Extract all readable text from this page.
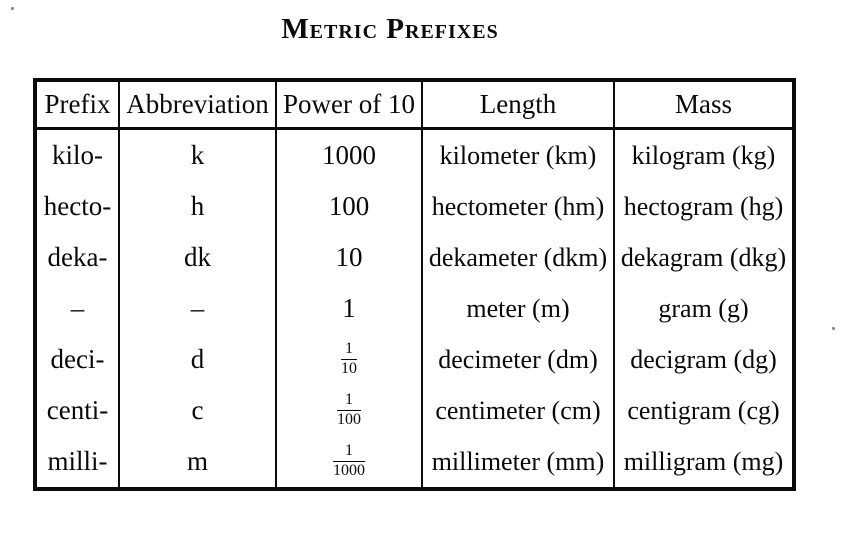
Metric Prefixes
Prefix	Abbreviation	Power of 10	Length	Mass
kilo-	k	1000	kilometer (km)	kilogram (kg)
hecto-	h	100	hectometer (hm)	hectogram (hg)
deka-	dk	10	dekameter (dkm)	dekagram (dkg)
–	–	1	meter (m)	gram (g)
deci-	d	$\frac{1}{10}$	decimeter (dm)	decigram (dg)
centi-	c	$\frac{1}{100}$	centimeter (cm)	centigram (cg)
milli-	m	$\frac{1}{1000}$	millimeter (mm)	milligram (mg)
